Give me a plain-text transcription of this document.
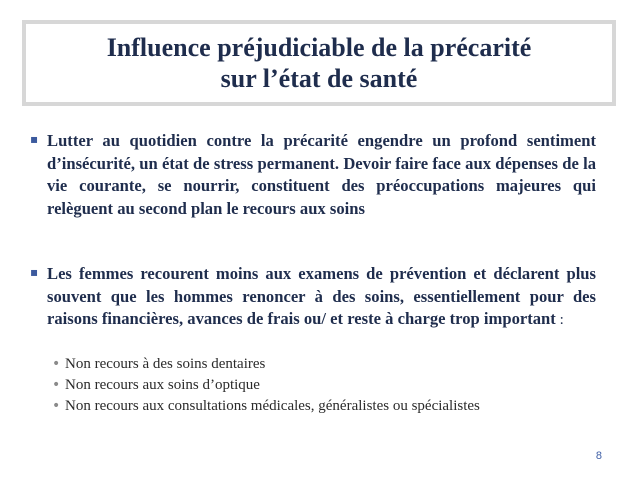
Influence préjudiciable de la précarité
sur l’état de santé
▪ Lutter au quotidien contre la précarité engendre un profond sentiment d’insécurité, un état de stress permanent. Devoir faire face aux dépenses de la vie courante, se nourrir, constituent des préoccupations majeures qui relèguent au second plan le recours aux soins
▪ Les femmes recourent moins aux examens de prévention et déclarent plus souvent que les hommes renoncer à des soins, essentiellement pour des raisons financières, avances de frais ou/ et reste à charge trop important :
• Non recours à des soins dentaires
• Non recours aux soins d’optique
• Non recours aux consultations médicales, généralistes ou spécialistes
8
